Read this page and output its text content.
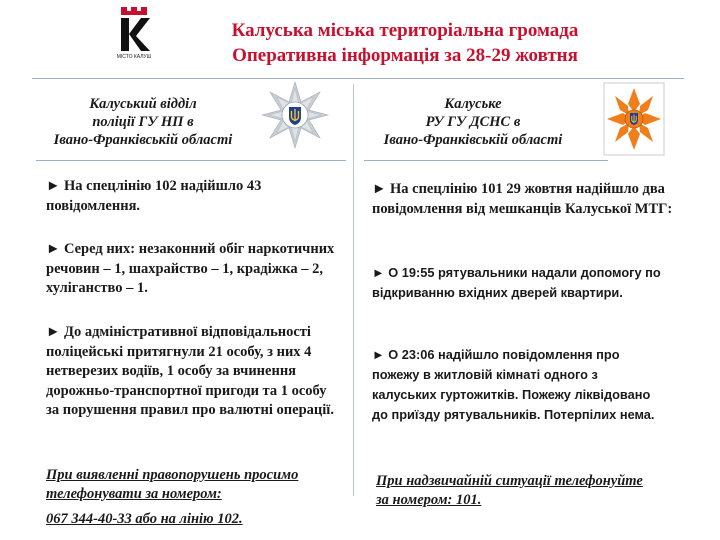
МІСТО КАЛУШ
Калуська міська територіальна громада
Оперативна інформація за 28-29 жовтня
Калуський відділ
поліції ГУ НП в
Івано-Франківській області
► На спецлінію 102 надійшло 43 повідомлення.
► Серед них: незаконний обіг наркотичних речовин – 1, шахрайство – 1, крадіжка – 2, хуліганство – 1.
► До адміністративної відповідальності поліцейські притягнули 21 особу, з них 4 нетверезих водіїв, 1 особу за вчинення дорожньо-транспортної пригоди та 1 особу за порушення правил про валютні операції.
При виявленні правопорушень просимо
телефонувати за номером:
067 344-40-33 або на лінію 102.
Калуське
РУ ГУ ДСНС в
Івано-Франківській області
► На спецлінію 101 29 жовтня надійшло два повідомлення від мешканців Калуської МТГ:
► О 19:55 рятувальники надали допомогу по відкриванню вхідних дверей квартири.
► О 23:06 надійшло повідомлення про пожежу в житловій кімнаті одного з калуських гуртожитків. Пожежу ліквідовано до приїзду рятувальників. Потерпілих нема.
При надзвичайній ситуації телефонуйте
за номером: 101.
